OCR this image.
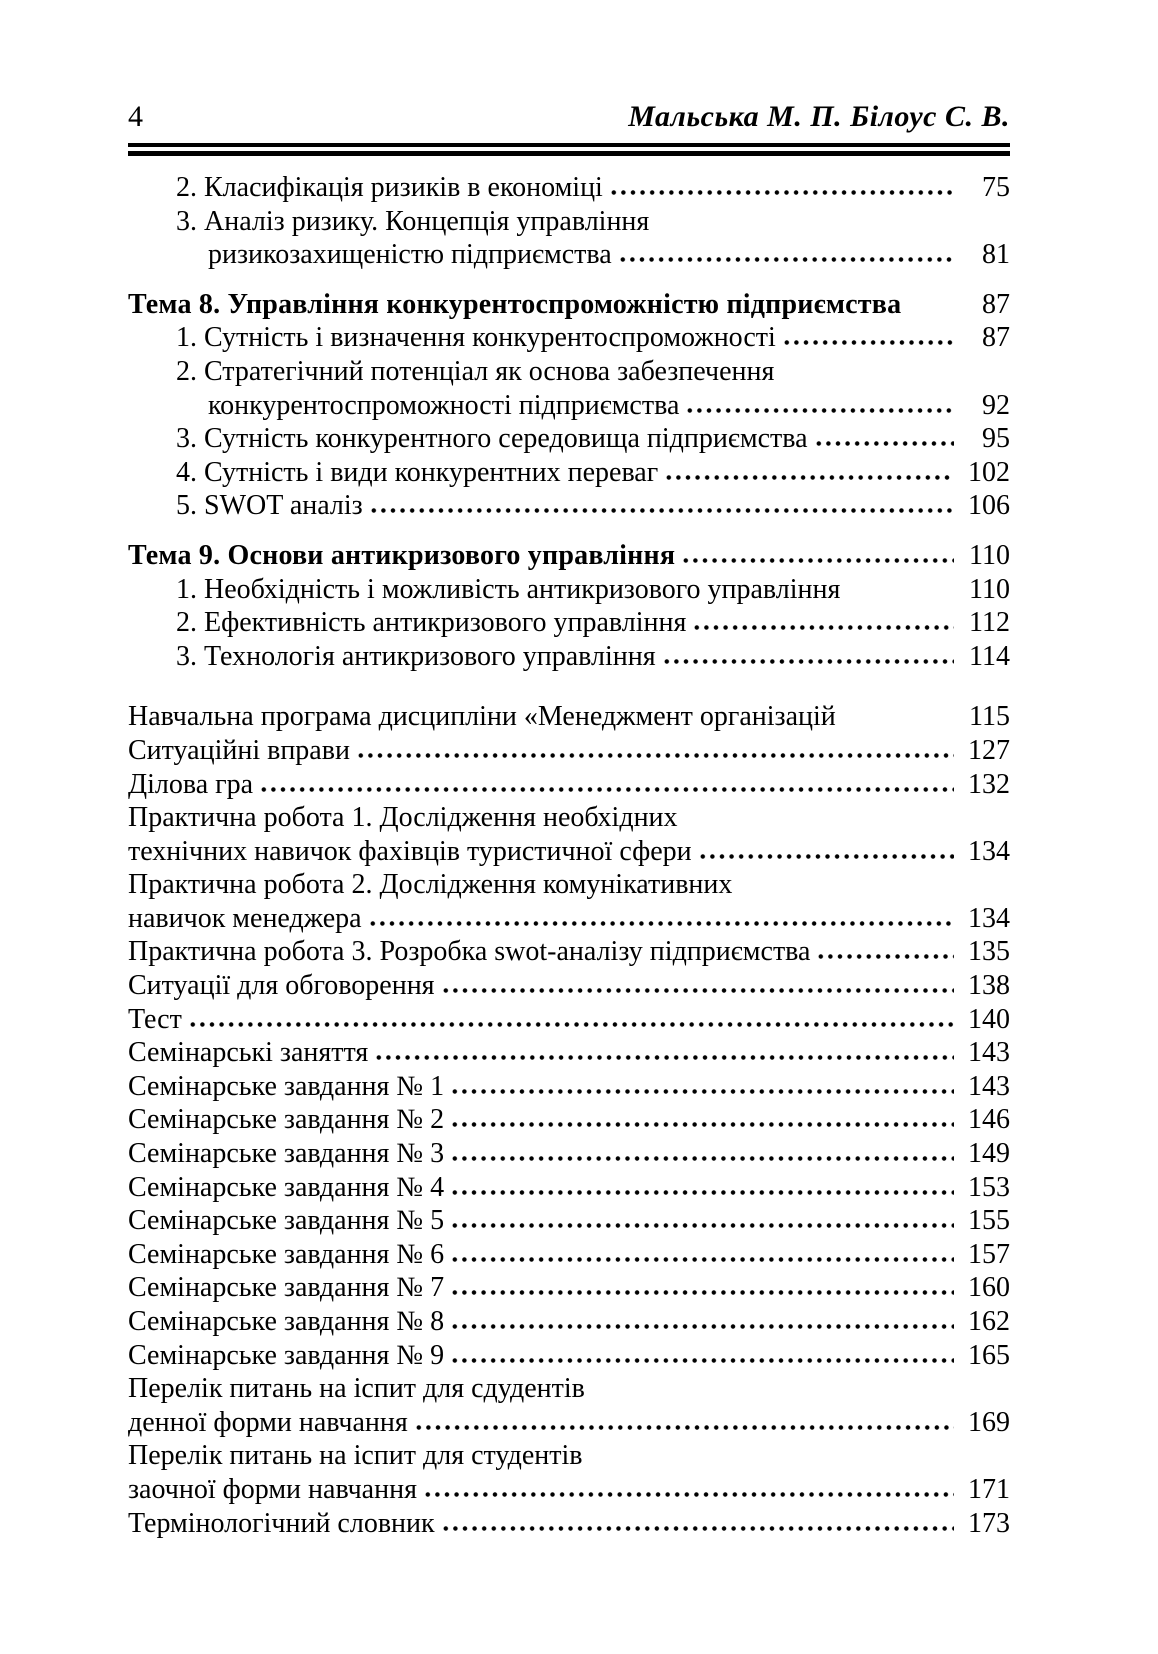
4	Мальська М. П. Білоус С. В.
2. Класифікація ризиків в економіці	75
3. Аналіз ризику. Концепція управління
ризикозахищеністю підприємства	81
Тема 8. Управління конкурентоспроможністю підприємства	87
1. Сутність і визначення конкурентоспроможності	87
2. Стратегічний потенціал як основа забезпечення
конкурентоспроможності підприємства	92
3. Сутність конкурентного середовища підприємства	95
4. Сутність і види конкурентних переваг	102
5. SWOT аналіз	106
Тема 9. Основи антикризового управління	110
1. Необхідність і можливість антикризового управління	110
2. Ефективність антикризового управління	112
3. Технологія антикризового управління	114
Навчальна програма дисципліни «Менеджмент організацій	115
Ситуаційні вправи	127
Ділова гра	132
Практична робота 1. Дослідження необхідних
технічних навичок фахівців туристичної сфери	134
Практична робота 2. Дослідження комунікативних
навичок менеджера	134
Практична робота 3. Розробка swot-аналізу підприємства	135
Ситуації для обговорення	138
Тест	140
Семінарські заняття	143
Семінарське завдання № 1	143
Семінарське завдання № 2	146
Семінарське завдання № 3	149
Семінарське завдання № 4	153
Семінарське завдання № 5	155
Семінарське завдання № 6	157
Семінарське завдання № 7	160
Семінарське завдання № 8	162
Семінарське завдання № 9	165
Перелік питань на іспит для сдудентів
денної форми навчання	169
Перелік питань на іспит для студентів
заочної форми навчання	171
Термінологічний словник	173
